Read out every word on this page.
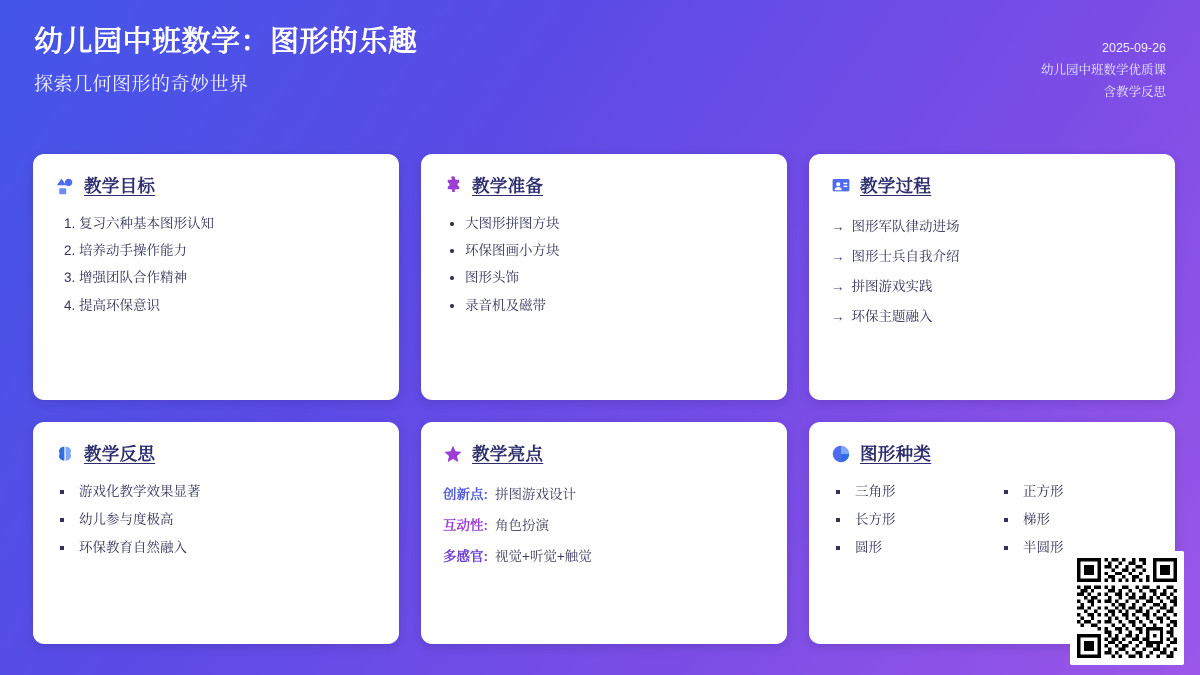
幼儿园中班数学：图形的乐趣
探索几何图形的奇妙世界
2025-09-26
幼儿园中班数学优质课
含教学反思
教学目标
1. 复习六种基本图形认知
2. 培养动手操作能力
3. 增强团队合作精神
4. 提高环保意识
教学准备
• 大图形拼图方块
• 环保图画小方块
• 图形头饰
• 录音机及磁带
教学过程
→ 图形军队律动进场
→ 图形士兵自我介绍
→ 拼图游戏实践
→ 环保主题融入
教学反思
▪ 游戏化教学效果显著
▪ 幼儿参与度极高
▪ 环保教育自然融入
教学亮点
创新点: 拼图游戏设计
互动性: 角色扮演
多感官: 视觉+听觉+触觉
图形种类
▪ 三角形
▪ 长方形
▪ 圆形
▪ 正方形
▪ 梯形
▪ 半圆形
